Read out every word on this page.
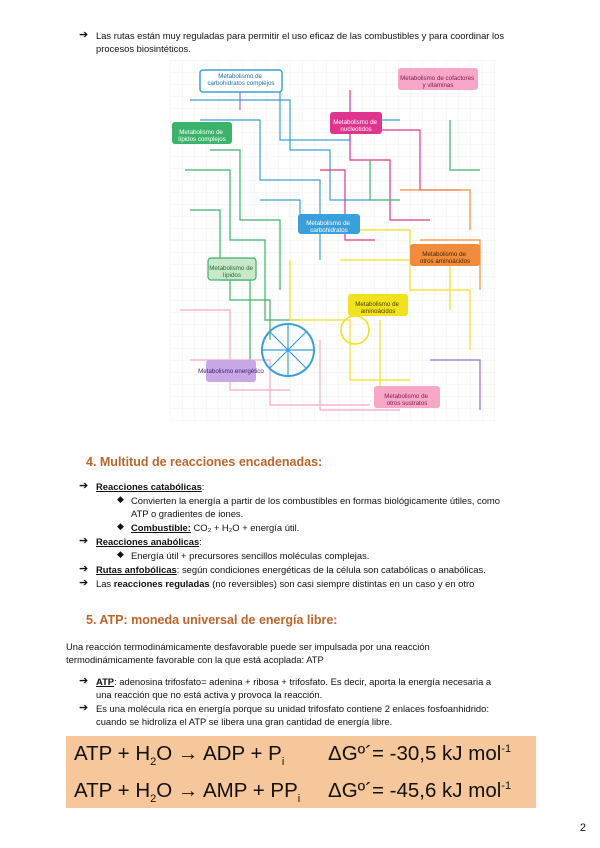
➔ Las rutas están muy reguladas para permitir el uso eficaz de las combustibles y para coordinar los
procesos biosintéticos.
Metabolismo de carbohidratos complejos
Metabolismo de cofactores y vitaminas
Metabolismo de lípidos complejos
Metabolismo de nucleótidos
Metabolismo de carbohidratos
Metabolismo de otros aminoácidos
Metabolismo de lípidos
Metabolismo de aminoácidos
Metabolismo energético
Metabolismo de otros sustratos
4. Multitud de reacciones encadenadas:
➔ Reacciones catabólicas:
◆ Convierten la energía a partir de los combustibles en formas biológicamente útiles, como
ATP o gradientes de iones.
◆ Combustible: CO₂ + H₂O + energía útil.
➔ Reacciones anabólicas:
◆ Energía útil + precursores sencillos moléculas complejas.
➔ Rutas anfobólicas: según condiciones energéticas de la célula son catabólicas o anabólicas.
➔ Las reacciones reguladas (no reversibles) son casi siempre distintas en un caso y en otro
5. ATP: moneda universal de energía libre:
Una reacción termodinámicamente desfavorable puede ser impulsada por una reacción
termodinámicamente favorable con la que está acoplada: ATP
➔ ATP: adenosina trifosfato= adenina + ribosa + trifosfato. Es decir, aporta la energía necesaria a
una reacción que no está activa y provoca la reacción.
➔ Es una molécula rica en energía porque su unidad trifosfato contiene 2 enlaces fosfoanhidrido:
cuando se hidroliza el ATP se libera una gran cantidad de energía libre.
ATP + $H_2O$ → ADP + $P_i$ ΔGº´= -30,5 kJ mol$^{-1}$
ATP + $H_2O$ → AMP + $PP_i$ ΔGº´= -45,6 kJ mol$^{-1}$
2
